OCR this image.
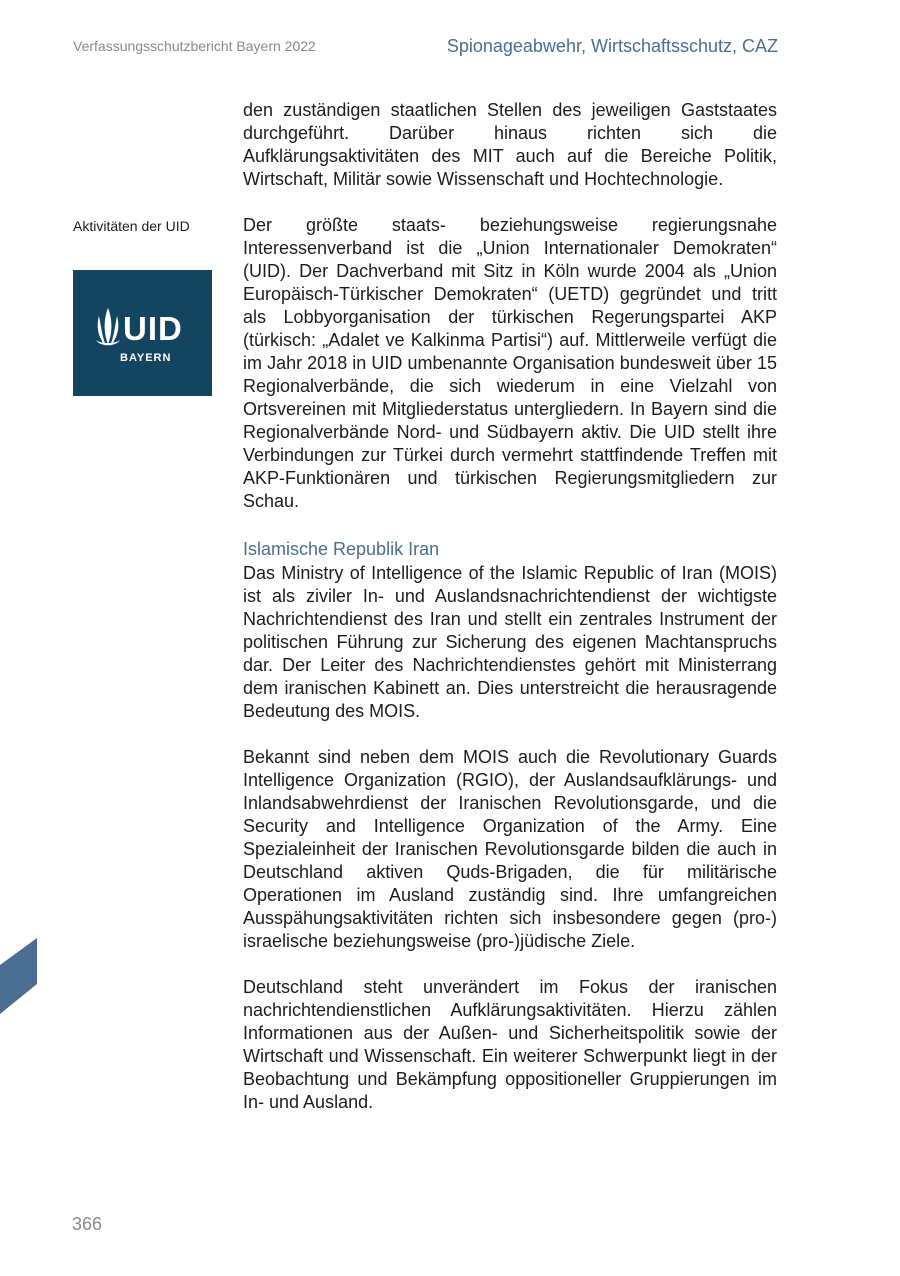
Verfassungsschutzbericht Bayern 2022	Spionageabwehr, Wirtschaftsschutz, CAZ
den zuständigen staatlichen Stellen des jeweiligen Gaststaates durchgeführt. Darüber hinaus richten sich die Aufklärungsaktivitäten des MIT auch auf die Bereiche Politik, Wirtschaft, Militär sowie Wissenschaft und Hochtechnologie.
Aktivitäten der UID
UID
BAYERN
Der größte staats- beziehungsweise regierungsnahe Interessenverband ist die „Union Internationaler Demokraten“ (UID). Der Dachverband mit Sitz in Köln wurde 2004 als „Union Europäisch-Türkischer Demokraten“ (UETD) gegründet und tritt als Lobbyorganisation der türkischen Regerungspartei AKP (türkisch: „Adalet ve Kalkinma Partisi“) auf. Mittlerweile verfügt die im Jahr 2018 in UID umbenannte Organisation bundesweit über 15 Regionalverbände, die sich wiederum in eine Vielzahl von Ortsvereinen mit Mitgliederstatus untergliedern. In Bayern sind die Regionalverbände Nord- und Südbayern aktiv. Die UID stellt ihre Verbindungen zur Türkei durch vermehrt stattfindende Treffen mit AKP-Funktionären und türkischen Regierungsmitgliedern zur Schau.
Islamische Republik Iran
Das Ministry of Intelligence of the Islamic Republic of Iran (MOIS) ist als ziviler In- und Auslandsnachrichtendienst der wichtigste Nachrichtendienst des Iran und stellt ein zentrales Instrument der politischen Führung zur Sicherung des eigenen Machtanspruchs dar. Der Leiter des Nachrichtendienstes gehört mit Ministerrang dem iranischen Kabinett an. Dies unterstreicht die herausragende Bedeutung des MOIS.
Bekannt sind neben dem MOIS auch die Revolutionary Guards Intelligence Organization (RGIO), der Auslandsaufklärungs- und Inlandsabwehrdienst der Iranischen Revolutionsgarde, und die Security and Intelligence Organization of the Army. Eine Spezialeinheit der Iranischen Revolutionsgarde bilden die auch in Deutschland aktiven Quds-Brigaden, die für militärische Operationen im Ausland zuständig sind. Ihre umfangreichen Ausspähungsaktivitäten richten sich insbesondere gegen (pro-) israelische beziehungsweise (pro-)jüdische Ziele.
Deutschland steht unverändert im Fokus der iranischen nachrichtendienstlichen Aufklärungsaktivitäten. Hierzu zählen Informationen aus der Außen- und Sicherheitspolitik sowie der Wirtschaft und Wissenschaft. Ein weiterer Schwerpunkt liegt in der Beobachtung und Bekämpfung oppositioneller Gruppierungen im In- und Ausland.
366
